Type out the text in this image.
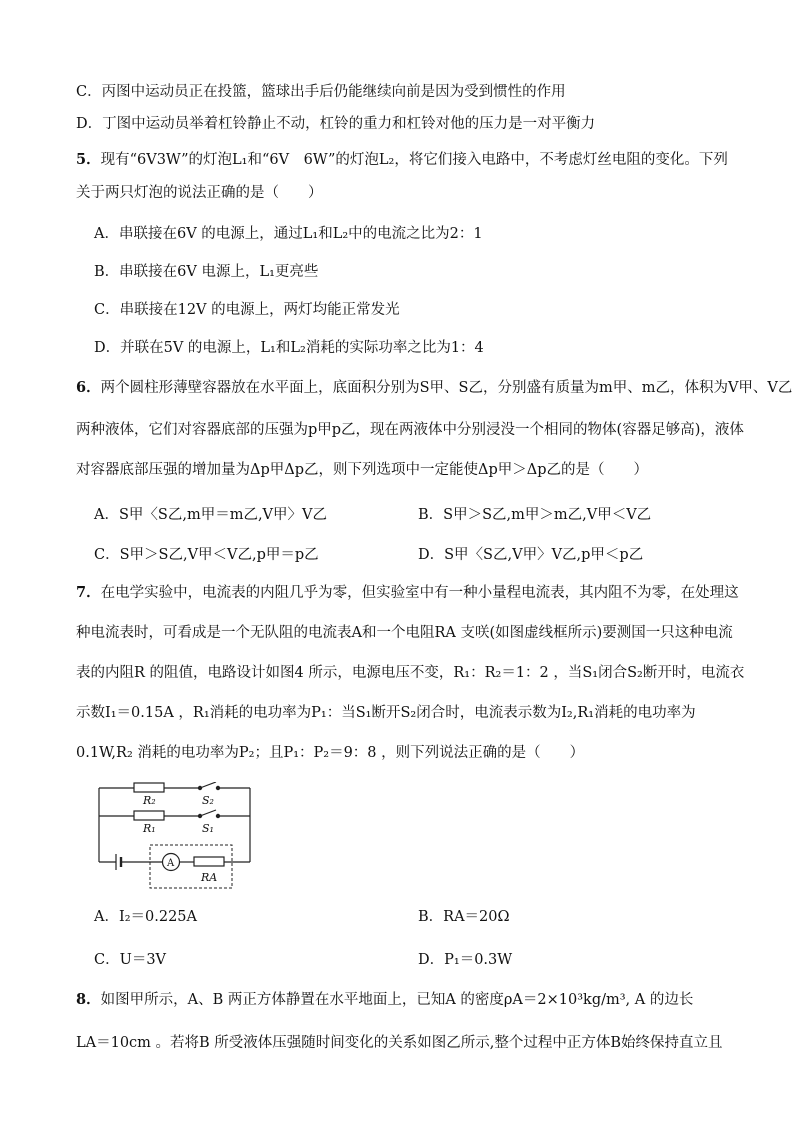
C．丙图中运动员正在投篮，篮球出手后仍能继续向前是因为受到惯性的作用
D．丁图中运动员举着杠铃静止不动，杠铃的重力和杠铃对他的压力是一对平衡力
5．现有“6V3W”的灯泡L₁和“6V　6W”的灯泡L₂，将它们接入电路中，不考虑灯丝电阻的变化。下列
关于两只灯泡的说法正确的是（　　）
A．串联接在6V 的电源上，通过L₁和L₂中的电流之比为2：1
B．串联接在6V 电源上，L₁更亮些
C．串联接在12V 的电源上，两灯均能正常发光
D．并联在5V 的电源上，L₁和L₂消耗的实际功率之比为1：4
6．两个圆柱形薄壁容器放在水平面上，底面积分别为S甲、S乙，分别盛有质量为m甲、m乙，体积为V甲、V乙
两种液体，它们对容器底部的压强为p甲p乙，现在两液体中分别浸没一个相同的物体(容器足够高)，液体
对容器底部压强的增加量为Δp甲Δp乙，则下列选项中一定能使Δp甲＞Δp乙的是（　　）
A．S甲〈S乙,m甲＝m乙,V甲〉V乙	B．S甲＞S乙,m甲＞m乙,V甲＜V乙
C．S甲＞S乙,V甲＜V乙,p甲＝p乙	D．S甲〈S乙,V甲〉V乙,p甲＜p乙
7．在电学实验中，电流表的内阻几乎为零，但实验室中有一种小量程电流表，其内阻不为零，在处理这
种电流表时，可看成是一个无队阻的电流表A和一个电阻RA 支咲(如图虚线框所示)要测国一只这种电流
表的内阻R 的阻值，电路设计如图4 所示，电源电压不变，R₁：R₂＝1：2 ，当S₁闭合S₂断开时，电流衣
示数I₁＝0.15A ，R₁消耗的电功率为P₁：当S₁断开S₂闭合时，电流表示数为I₂,R₁消耗的电功率为
0.1W,R₂ 消耗的电功率为P₂；且P₁：P₂＝9：8 ，则下列说法正确的是（　　）
R₂	S₂
R₁	S₁
A
RA
A．I₂＝0.225A	B．RA＝20Ω
C．U＝3V	D．P₁＝0.3W
8．如图甲所示，A、B 两正方体静置在水平地面上，已知A 的密度ρA＝2×10³kg/m³, A 的边长
LA＝10cm 。若将B 所受液体压强随时间变化的关系如图乙所示,整个过程中正方体B始终保持直立且
